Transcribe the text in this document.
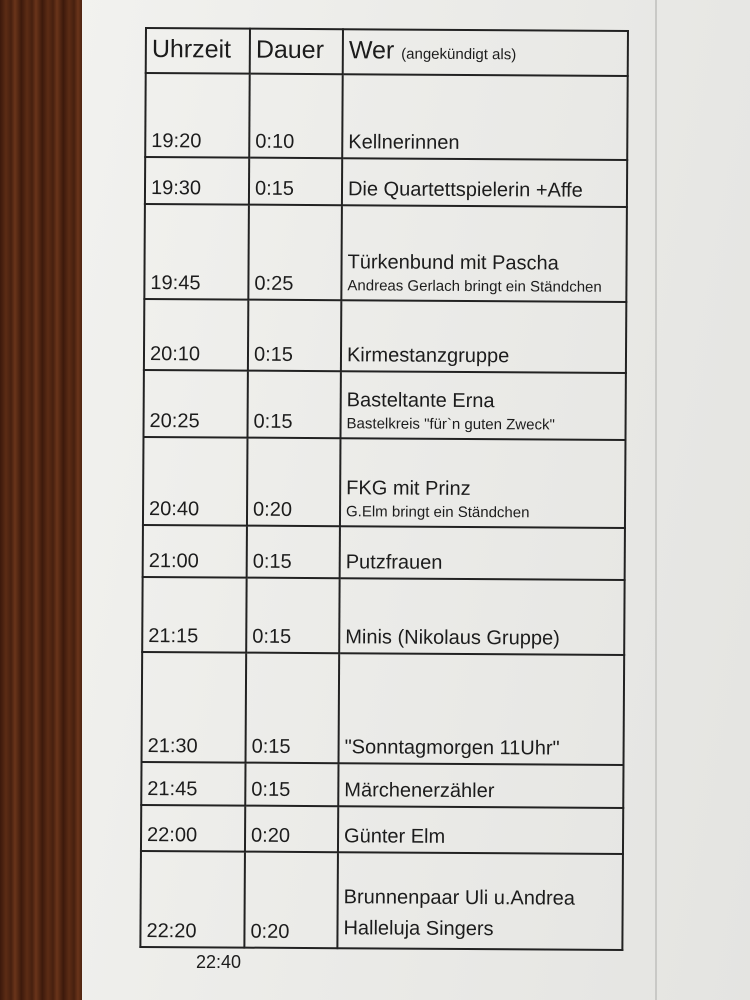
Uhrzeit	Dauer	Wer (angekündigt als)
19:20	0:10	Kellnerinnen
19:30	0:15	Die Quartettspielerin +Affe
19:45	0:25	Türkenbund mit Pascha
Andreas Gerlach bringt ein Ständchen

20:10	0:15	Kirmestanzgruppe
20:25	0:15	Basteltante Erna
Bastelkreis "für`n guten Zweck"

20:40	0:20	FKG mit Prinz
G.Elm bringt ein Ständchen

21:00	0:15	Putzfrauen
21:15	0:15	Minis (Nikolaus Gruppe)
21:30	0:15	"Sonntagmorgen 11Uhr"
21:45	0:15	Märchenerzähler
22:00	0:20	Günter Elm
22:20	0:20	Brunnenpaar Uli u.Andrea
Halleluja Singers
22:40
